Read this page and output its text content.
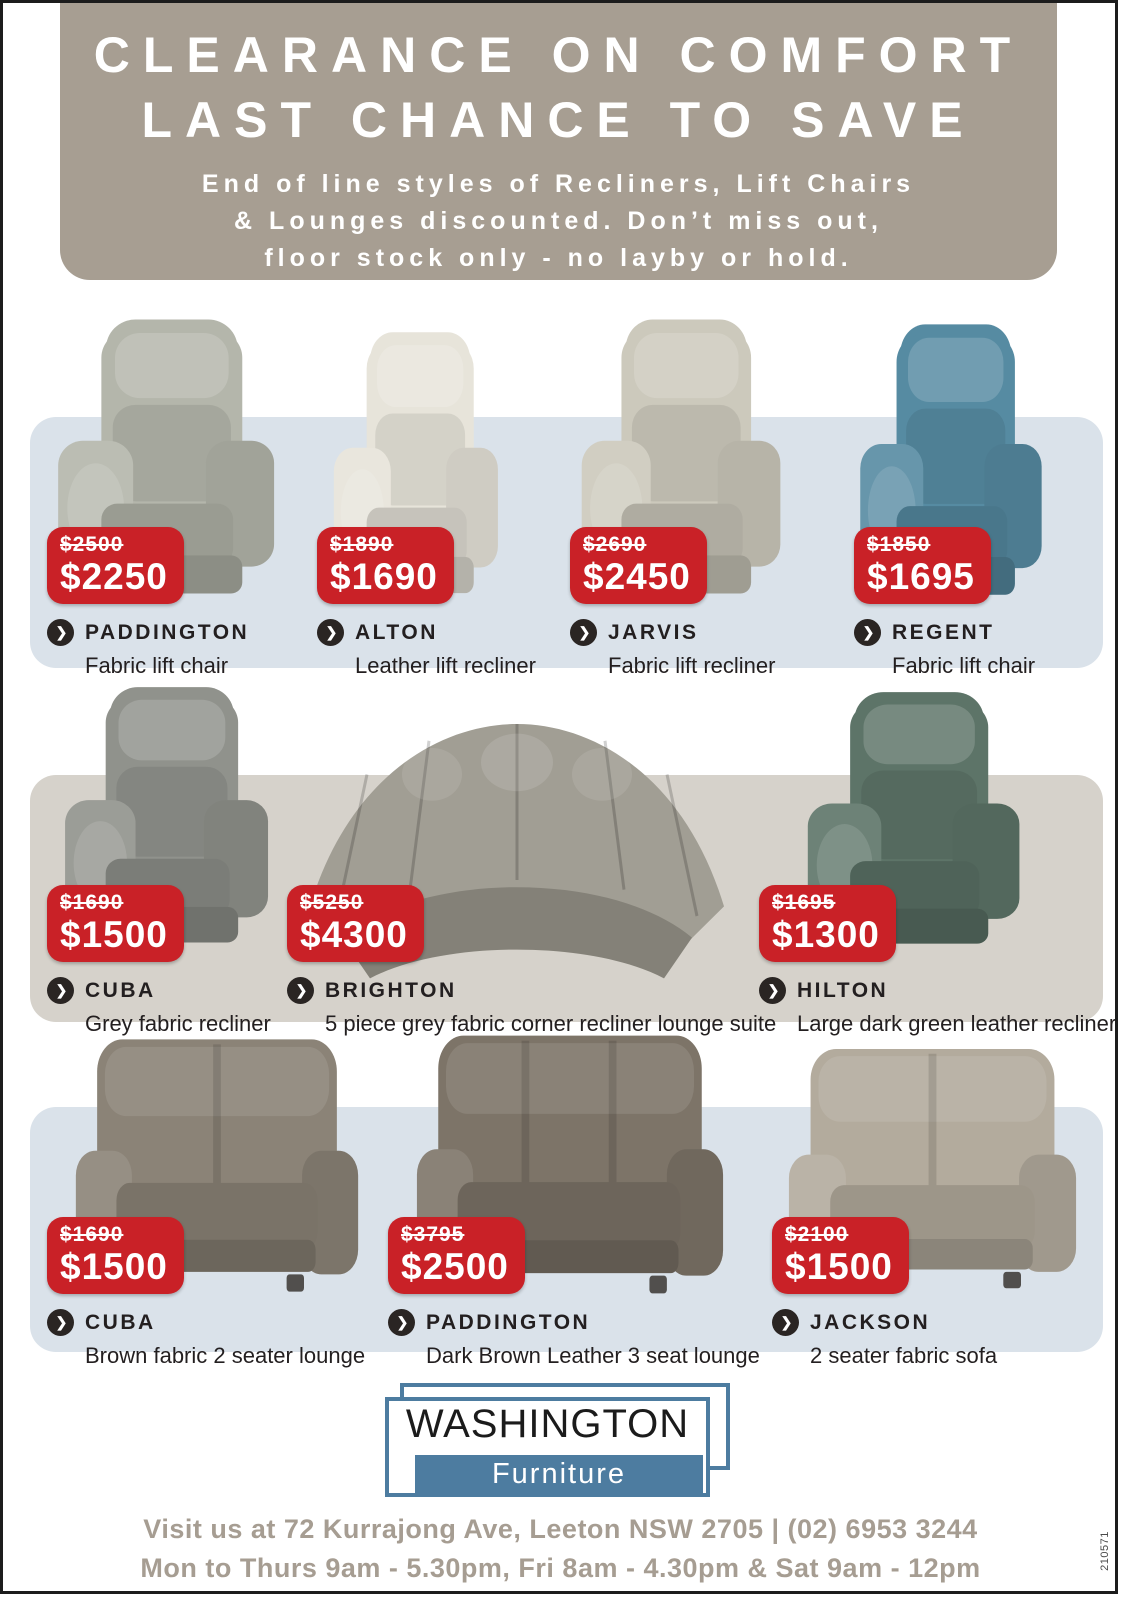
CLEARANCE ON COMFORT
LAST CHANCE TO SAVE
End of line styles of Recliners, Lift Chairs
& Lounges discounted. Don’t miss out,
floor stock only - no layby or hold.
$2500
$2250
❯ PADDINGTON
Fabric lift chair
$1890
$1690
❯ ALTON
Leather lift recliner
$2690
$2450
❯ JARVIS
Fabric lift recliner
$1850
$1695
❯ REGENT
Fabric lift chair
$1690
$1500
❯ CUBA
Grey fabric recliner
$5250
$4300
❯ BRIGHTON
5 piece grey fabric corner recliner lounge suite
$1695
$1300
❯ HILTON
Large dark green leather recliner
$1690
$1500
❯ CUBA
Brown fabric 2 seater lounge
$3795
$2500
❯ PADDINGTON
Dark Brown Leather 3 seat lounge
$2100
$1500
❯ JACKSON
2 seater fabric sofa
WASHINGTON
Furniture
Visit us at 72 Kurrajong Ave, Leeton NSW 2705 | (02) 6953 3244
Mon to Thurs 9am - 5.30pm, Fri 8am - 4.30pm & Sat 9am - 12pm	210571
